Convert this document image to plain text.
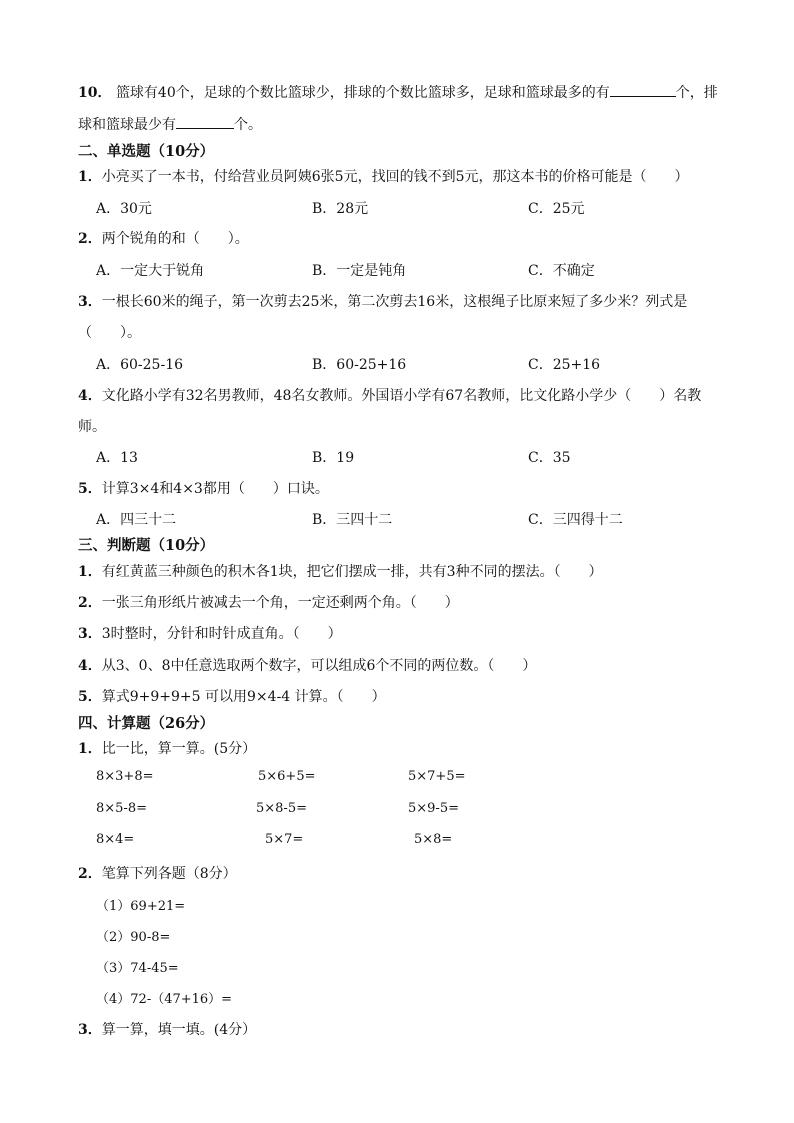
10． 篮球有40个，足球的个数比篮球少，排球的个数比篮球多，足球和篮球最多的有	个，排
球和篮球最少有	个。
二、单选题（10分）
1．小亮买了一本书，付给营业员阿姨6张5元，找回的钱不到5元，那这本书的价格可能是（　　）
A．30元	B．28元	C．25元
2．两个锐角的和（　　）。
A．一定大于锐角	B．一定是钝角	C．不确定
3．一根长60米的绳子，第一次剪去25米，第二次剪去16米，这根绳子比原来短了多少米？列式是
（　　）。
A．60-25-16	B．60-25+16	C．25+16
4．文化路小学有32名男教师，48名女教师。外国语小学有67名教师，比文化路小学少（　　）名教
师。
A．13	B．19	C．35
5．计算3×4和4×3都用（　　）口诀。
A．四三十二	B．三四十二	C．三四得十二
三、判断题（10分）
1．有红黄蓝三种颜色的积木各1块，把它们摆成一排，共有3种不同的摆法。（　　）
2．一张三角形纸片被减去一个角，一定还剩两个角。（　　）
3．3时整时，分针和时针成直角。（　　）
4．从3、0、8中任意选取两个数字，可以组成6个不同的两位数。（　　）
5．算式9+9+9+5 可以用9×4-4 计算。（　　）
四、计算题（26分）
1．比一比，算一算。(5分）
8×3+8=	5×6+5=	5×7+5=
8×5-8=	5×8-5=	5×9-5=
8×4=	5×7=	5×8=
2．笔算下列各题（8分）
（1）69+21=
（2）90-8=
（3）74-45=
（4）72-（47+16）=
3．算一算，填一填。(4分）
